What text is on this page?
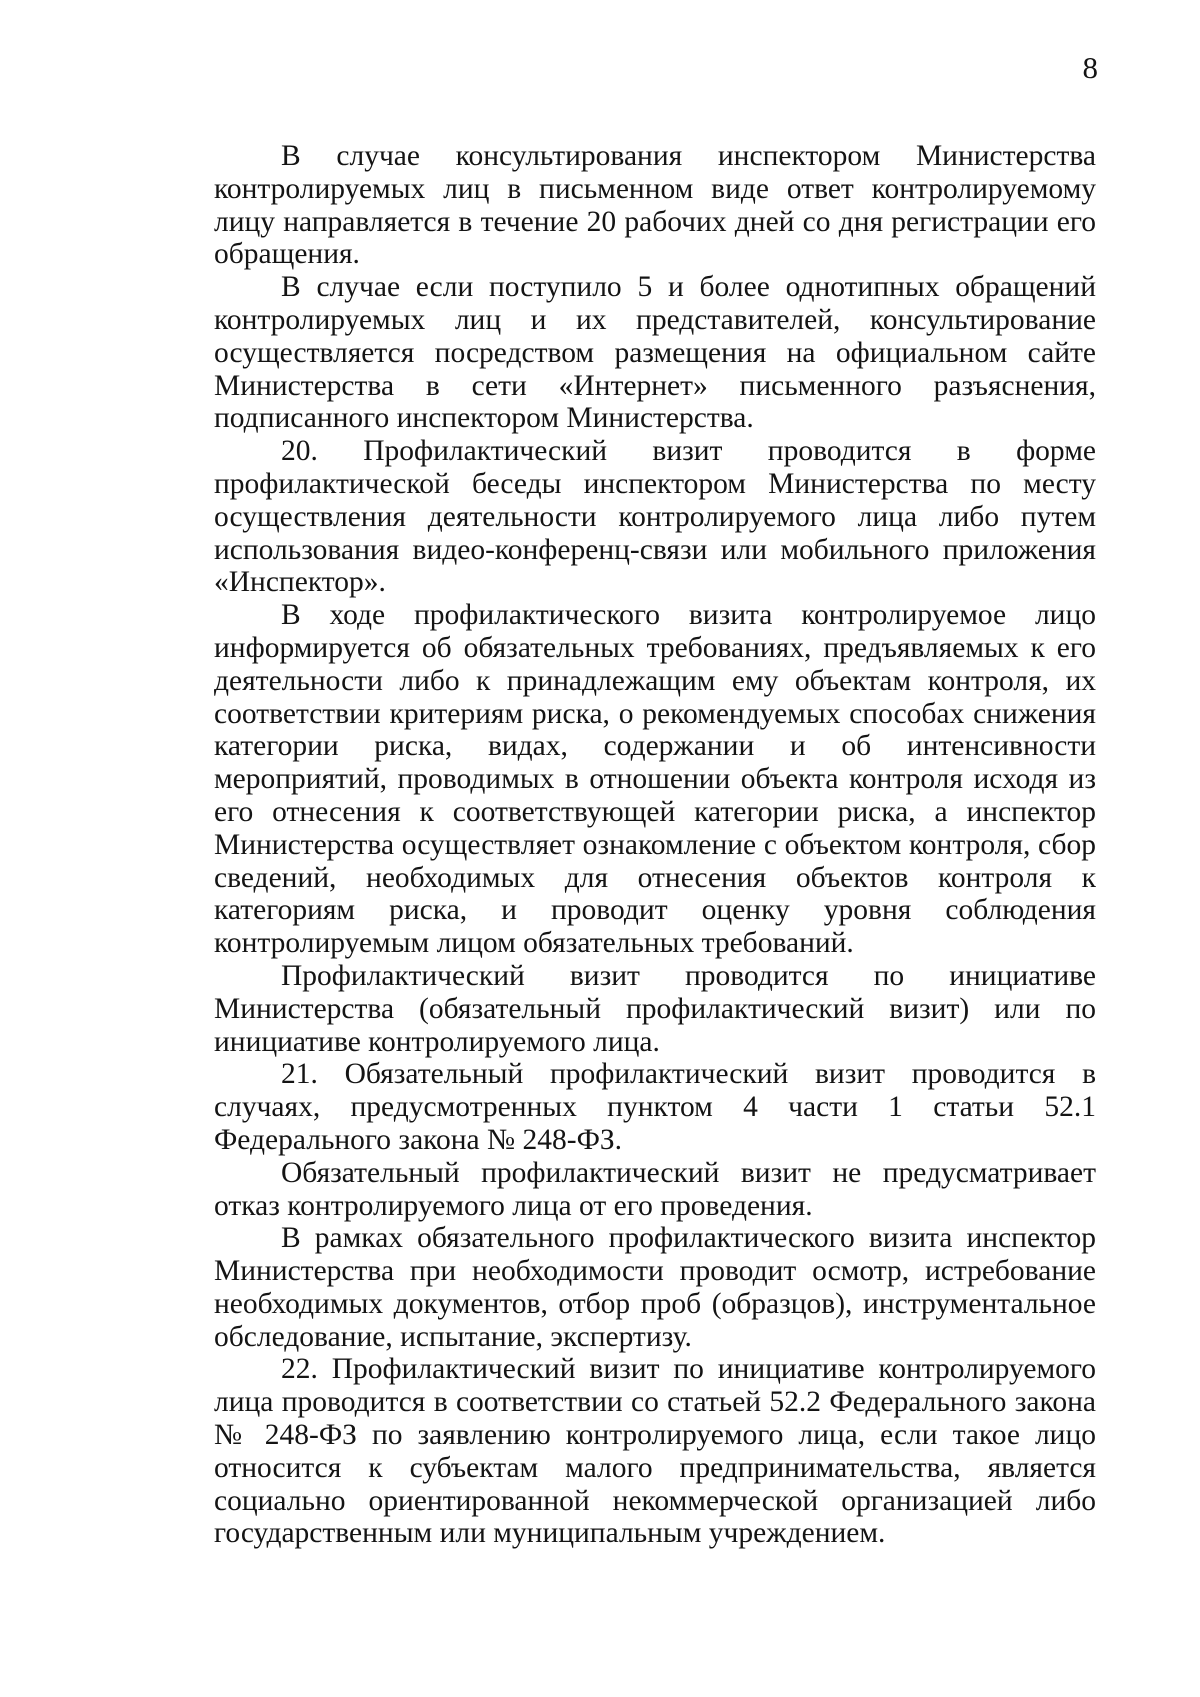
8

В случае консультирования инспектором Министерства контролируемых лиц в письменном виде ответ контролируемому лицу направляется в течение 20 рабочих дней со дня регистрации его обращения.

В случае если поступило 5 и более однотипных обращений контролируемых лиц и их представителей, консультирование осуществляется посредством размещения на официальном сайте Министерства в сети «Интернет» письменного разъяснения, подписанного инспектором Министерства.

20. Профилактический визит проводится в форме профилактической беседы инспектором Министерства по месту осуществления деятельности контролируемого лица либо путем использования видео-конференц-связи или мобильного приложения «Инспектор».

В ходе профилактического визита контролируемое лицо информируется об обязательных требованиях, предъявляемых к его деятельности либо к принадлежащим ему объектам контроля, их соответствии критериям риска, о рекомендуемых способах снижения категории риска, видах, содержании и об интенсивности мероприятий, проводимых в отношении объекта контроля исходя из его отнесения к соответствующей категории риска, а инспектор Министерства осуществляет ознакомление с объектом контроля, сбор сведений, необходимых для отнесения объектов контроля к категориям риска, и проводит оценку уровня соблюдения контролируемым лицом обязательных требований.

Профилактический визит проводится по инициативе Министерства (обязательный профилактический визит) или по инициативе контролируемого лица.

21. Обязательный профилактический визит проводится в случаях, предусмотренных пунктом 4 части 1 статьи 52.1 Федерального закона № 248-ФЗ.

Обязательный профилактический визит не предусматривает отказ контролируемого лица от его проведения.

В рамках обязательного профилактического визита инспектор Министерства при необходимости проводит осмотр, истребование необходимых документов, отбор проб (образцов), инструментальное обследование, испытание, экспертизу.

22. Профилактический визит по инициативе контролируемого лица проводится в соответствии со статьей 52.2 Федерального закона № 248-ФЗ по заявлению контролируемого лица, если такое лицо относится к субъектам малого предпринимательства, является социально ориентированной некоммерческой организацией либо государственным или муниципальным учреждением.
